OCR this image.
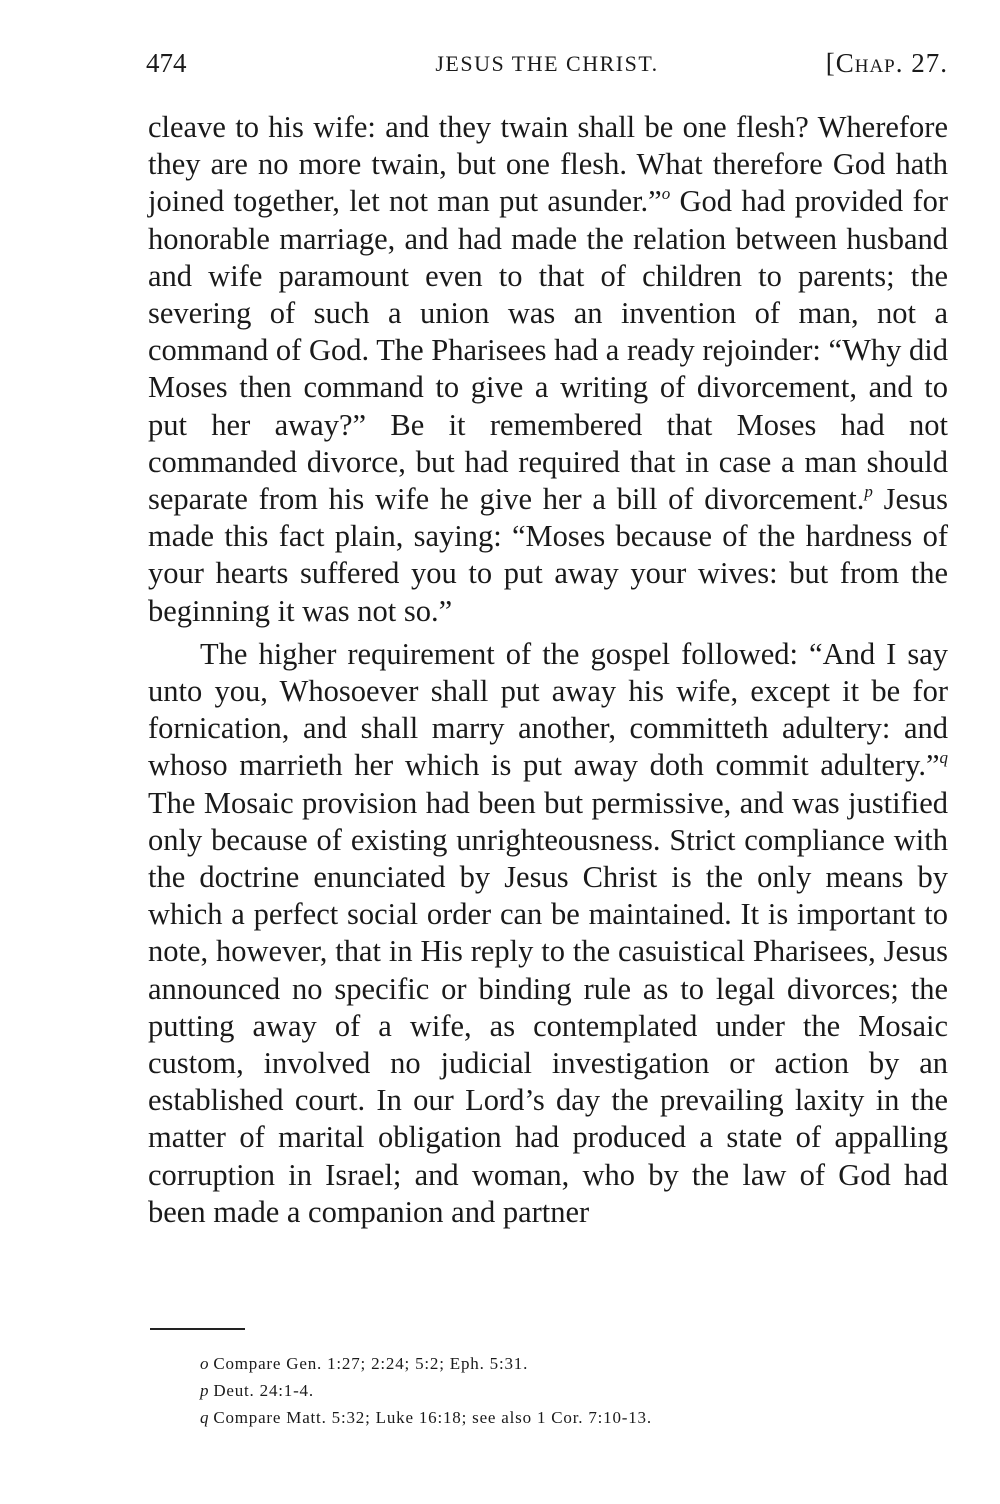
474	JESUS THE CHRIST.	[Chap. 27.

cleave to his wife: and they twain shall be one flesh? Wherefore they are no more twain, but one flesh. What therefore God hath joined together, let not man put asunder.”$^o$ God had provided for honorable marriage, and had made the relation between husband and wife paramount even to that of children to parents; the severing of such a union was an invention of man, not a command of God. The Pharisees had a ready rejoinder: “Why did Moses then command to give a writing of divorcement, and to put her away?” Be it remembered that Moses had not commanded divorce, but had required that in case a man should separate from his wife he give her a bill of divorcement.$^p$ Jesus made this fact plain, saying: “Moses because of the hardness of your hearts suffered you to put away your wives: but from the beginning it was not so.”

The higher requirement of the gospel followed: “And I say unto you, Whosoever shall put away his wife, except it be for fornication, and shall marry another, committeth adultery: and whoso marrieth her which is put away doth commit adultery.”$^q$ The Mosaic provision had been but permissive, and was justified only because of existing unrighteousness. Strict compliance with the doctrine enunciated by Jesus Christ is the only means by which a perfect social order can be maintained. It is important to note, however, that in His reply to the casuistical Pharisees, Jesus announced no specific or binding rule as to legal divorces; the putting away of a wife, as contemplated under the Mosaic custom, involved no judicial investigation or action by an established court. In our Lord’s day the prevailing laxity in the matter of marital obligation had produced a state of appalling corruption in Israel; and woman, who by the law of God had been made a companion and partner

o Compare Gen. 1:27; 2:24; 5:2; Eph. 5:31.
p Deut. 24:1-4.
q Compare Matt. 5:32; Luke 16:18; see also 1 Cor. 7:10-13.
